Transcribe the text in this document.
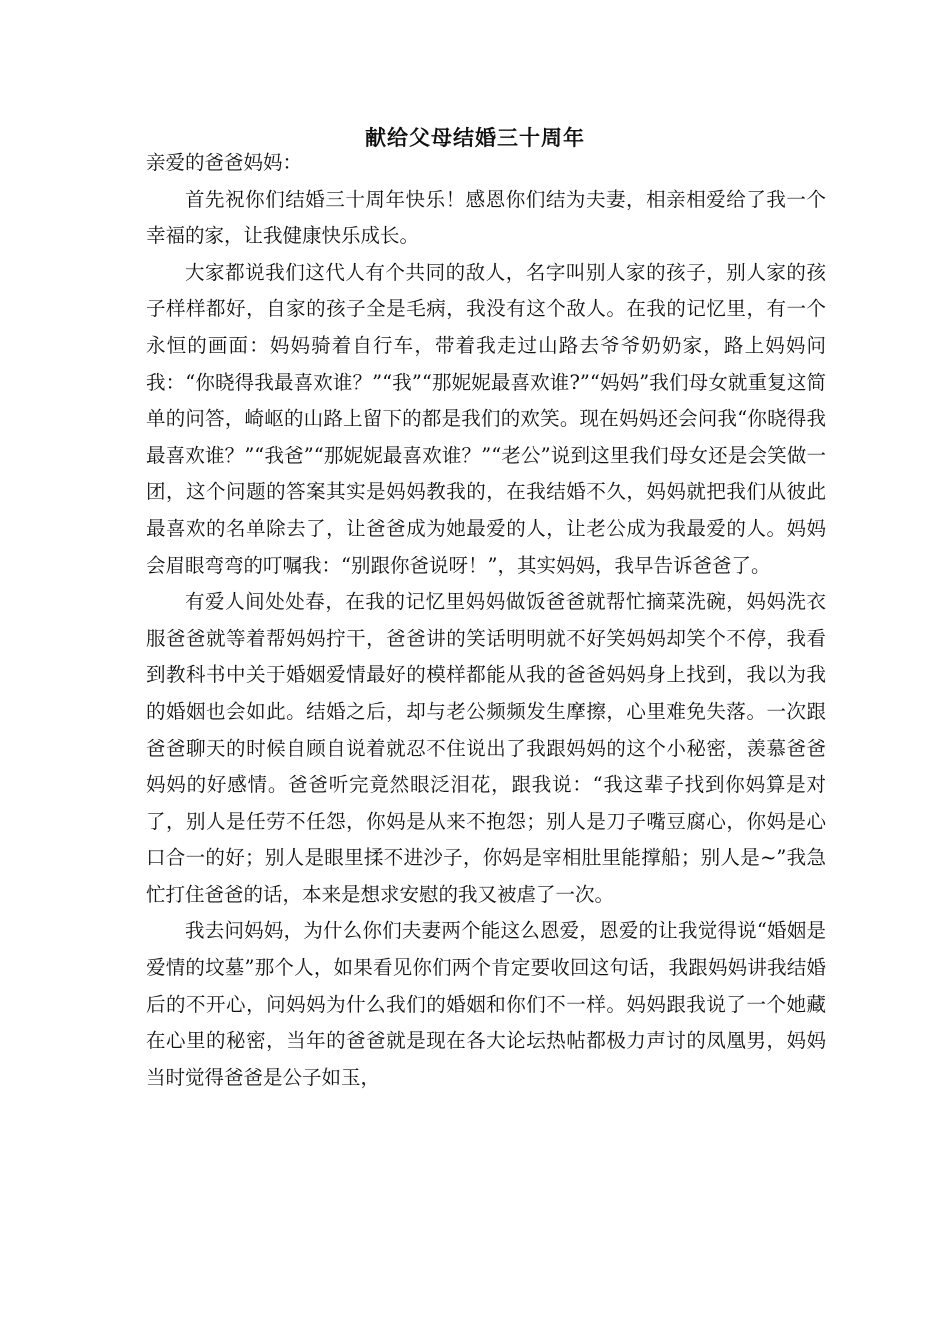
献给父母结婚三十周年

亲爱的爸爸妈妈：

首先祝你们结婚三十周年快乐！感恩你们结为夫妻，相亲相爱给了我一个幸福的家，让我健康快乐成长。

大家都说我们这代人有个共同的敌人，名字叫别人家的孩子，别人家的孩子样样都好，自家的孩子全是毛病，我没有这个敌人。在我的记忆里，有一个永恒的画面：妈妈骑着自行车，带着我走过山路去爷爷奶奶家，路上妈妈问我：“你晓得我最喜欢谁？”“我”“那妮妮最喜欢谁?”“妈妈”我们母女就重复这简单的问答，崎岖的山路上留下的都是我们的欢笑。现在妈妈还会问我“你晓得我最喜欢谁？”“我爸”“那妮妮最喜欢谁？”“老公”说到这里我们母女还是会笑做一团，这个问题的答案其实是妈妈教我的，在我结婚不久，妈妈就把我们从彼此最喜欢的名单除去了，让爸爸成为她最爱的人，让老公成为我最爱的人。妈妈会眉眼弯弯的叮嘱我：“别跟你爸说呀！”，其实妈妈，我早告诉爸爸了。

有爱人间处处春，在我的记忆里妈妈做饭爸爸就帮忙摘菜洗碗，妈妈洗衣服爸爸就等着帮妈妈拧干，爸爸讲的笑话明明就不好笑妈妈却笑个不停，我看到教科书中关于婚姻爱情最好的模样都能从我的爸爸妈妈身上找到，我以为我的婚姻也会如此。结婚之后，却与老公频频发生摩擦，心里难免失落。一次跟爸爸聊天的时候自顾自说着就忍不住说出了我跟妈妈的这个小秘密，羡慕爸爸妈妈的好感情。爸爸听完竟然眼泛泪花，跟我说：“我这辈子找到你妈算是对了，别人是任劳不任怨，你妈是从来不抱怨；别人是刀子嘴豆腐心，你妈是心口合一的好；别人是眼里揉不进沙子，你妈是宰相肚里能撑船；别人是~”我急忙打住爸爸的话，本来是想求安慰的我又被虐了一次。

我去问妈妈，为什么你们夫妻两个能这么恩爱，恩爱的让我觉得说“婚姻是爱情的坟墓”那个人，如果看见你们两个肯定要收回这句话，我跟妈妈讲我结婚后的不开心，问妈妈为什么我们的婚姻和你们不一样。妈妈跟我说了一个她藏在心里的秘密，当年的爸爸就是现在各大论坛热帖都极力声讨的凤凰男，妈妈当时觉得爸爸是公子如玉，
